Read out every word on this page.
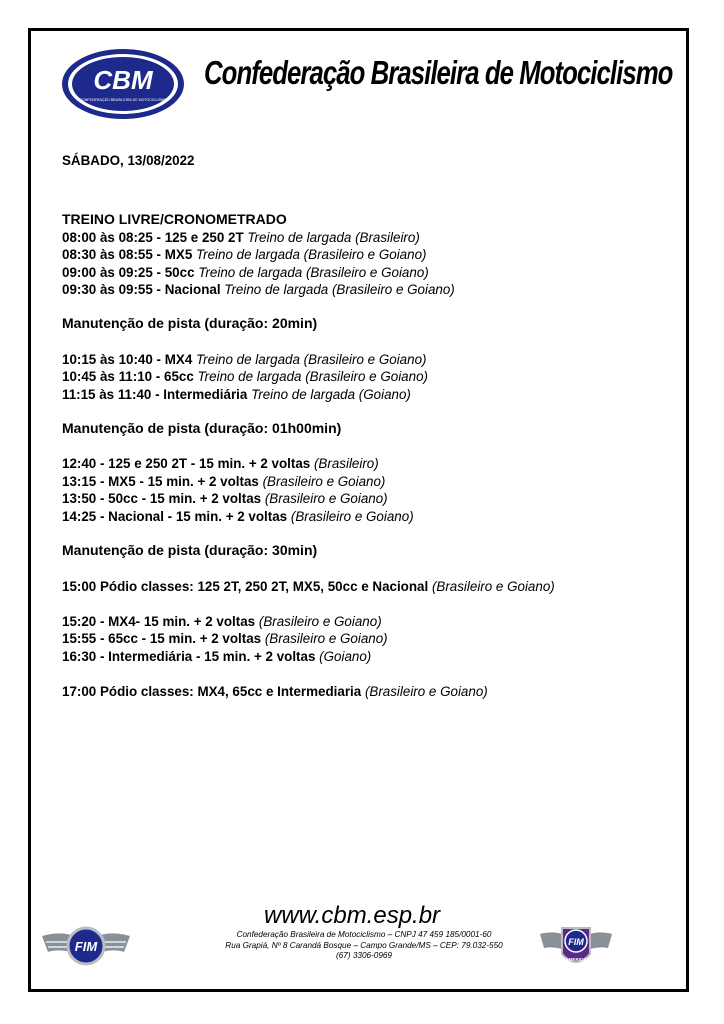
CBM
CONFEDERAÇÃO BRASILEIRA DE MOTOCICLISMO
Confederação Brasileira de Motociclismo
SÁBADO, 13/08/2022
TREINO LIVRE/CRONOMETRADO
08:00 às 08:25 - 125 e 250 2T Treino de largada (Brasileiro)
08:30 às 08:55 - MX5 Treino de largada (Brasileiro e Goiano)
09:00 às 09:25 - 50cc Treino de largada (Brasileiro e Goiano)
09:30 às 09:55 - Nacional Treino de largada (Brasileiro e Goiano)
Manutenção de pista (duração: 20min)
10:15 às 10:40 - MX4 Treino de largada (Brasileiro e Goiano)
10:45 às 11:10 - 65cc Treino de largada (Brasileiro e Goiano)
11:15 às 11:40 - Intermediária Treino de largada (Goiano)
Manutenção de pista (duração: 01h00min)
12:40 - 125 e 250 2T - 15 min. + 2 voltas (Brasileiro)
13:15 - MX5 - 15 min. + 2 voltas (Brasileiro e Goiano)
13:50 - 50cc - 15 min. + 2 voltas (Brasileiro e Goiano)
14:25 - Nacional - 15 min. + 2 voltas (Brasileiro e Goiano)
Manutenção de pista (duração: 30min)
15:00 Pódio classes: 125 2T, 250 2T, MX5, 50cc e Nacional (Brasileiro e Goiano)
15:20 - MX4- 15 min. + 2 voltas (Brasileiro e Goiano)
15:55 - 65cc - 15 min. + 2 voltas (Brasileiro e Goiano)
16:30 - Intermediária - 15 min. + 2 voltas (Goiano)
17:00 Pódio classes: MX4, 65cc e Intermediaria (Brasileiro e Goiano)
FIM
www.cbm.esp.br
Confederação Brasileira de Motociclismo – CNPJ 47 459 185/0001-60
Rua Grapiá, Nº 8 Carandá Bosque – Campo Grande/MS – CEP: 79.032-550
(67) 3306-0969
FIM
AMERICA
